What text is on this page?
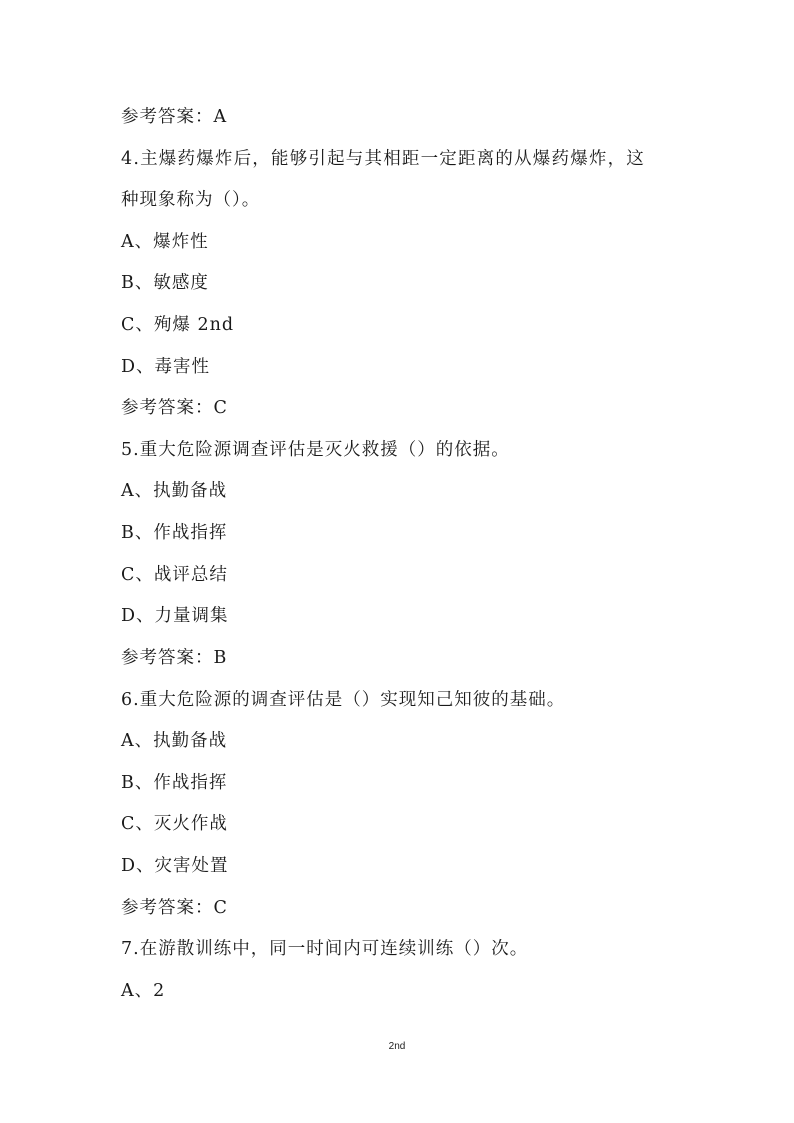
参考答案：A
4.主爆药爆炸后，能够引起与其相距一定距离的从爆药爆炸，这
种现象称为（）。
A、爆炸性
B、敏感度
C、殉爆 2nd
D、毒害性
参考答案：C
5.重大危险源调查评估是灭火救援（）的依据。
A、执勤备战
B、作战指挥
C、战评总结
D、力量调集
参考答案：B
6.重大危险源的调查评估是（）实现知己知彼的基础。
A、执勤备战
B、作战指挥
C、灭火作战
D、灾害处置
参考答案：C
7.在游散训练中，同一时间内可连续训练（）次。
A、2
2nd
